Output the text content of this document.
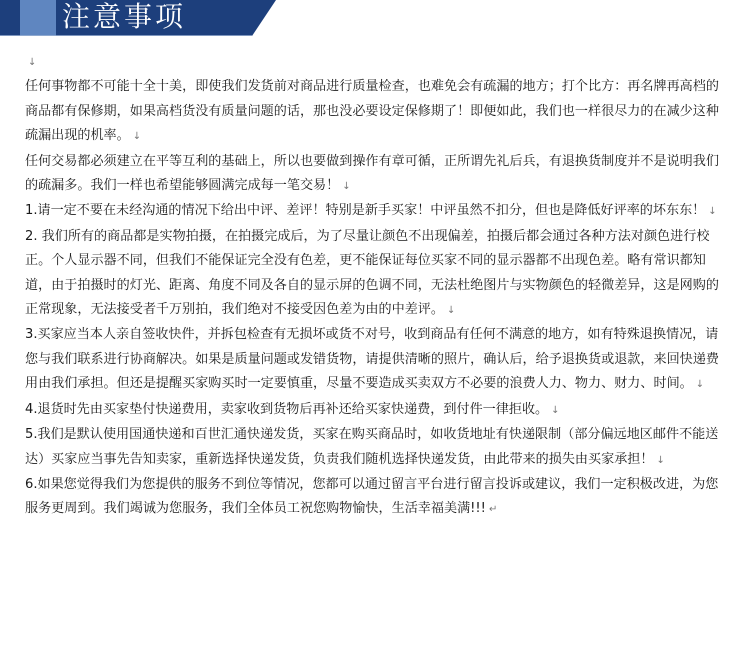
注意事项
↓

任何事物都不可能十全十美，即使我们发货前对商品进行质量检查，也难免会有疏漏的地方；打个比方：再名牌再高档的商品都有保修期，如果高档货没有质量问题的话，那也没必要设定保修期了！即便如此，我们也一样很尽力的在减少这种疏漏出现的机率。 ↓

任何交易都必须建立在平等互利的基础上，所以也要做到操作有章可循，正所谓先礼后兵，有退换货制度并不是说明我们的疏漏多。我们一样也希望能够圆满完成每一笔交易！ ↓

1.请一定不要在未经沟通的情况下给出中评、差评！特别是新手买家！中评虽然不扣分，但也是降低好评率的坏东东！ ↓

2. 我们所有的商品都是实物拍摄，在拍摄完成后，为了尽量让颜色不出现偏差，拍摄后都会通过各种方法对颜色进行校正。个人显示器不同，但我们不能保证完全没有色差，更不能保证每位买家不同的显示器都不出现色差。略有常识都知道，由于拍摄时的灯光、距离、角度不同及各自的显示屏的色调不同，无法杜绝图片与实物颜色的轻微差异，这是网购的正常现象，无法接受者千万别拍，我们绝对不接受因色差为由的中差评。 ↓

3.买家应当本人亲自签收快件，并拆包检查有无损坏或货不对号，收到商品有任何不满意的地方，如有特殊退换情况，请您与我们联系进行协商解决。如果是质量问题或发错货物，请提供清晰的照片，确认后，给予退换货或退款，来回快递费用由我们承担。但还是提醒买家购买时一定要慎重，尽量不要造成买卖双方不必要的浪费人力、物力、财力、时间。 ↓

4.退货时先由买家垫付快递费用，卖家收到货物后再补还给买家快递费，到付件一律拒收。 ↓

5.我们是默认使用国通快递和百世汇通快递发货，买家在购买商品时，如收货地址有快递限制（部分偏远地区邮件不能送达）买家应当事先告知卖家，重新选择快递发货，负责我们随机选择快递发货，由此带来的损失由买家承担！ ↓

6.如果您觉得我们为您提供的服务不到位等情况，您都可以通过留言平台进行留言投诉或建议，我们一定积极改进，为您服务更周到。我们竭诚为您服务，我们全体员工祝您购物愉快，生活幸福美满!!! ↵
